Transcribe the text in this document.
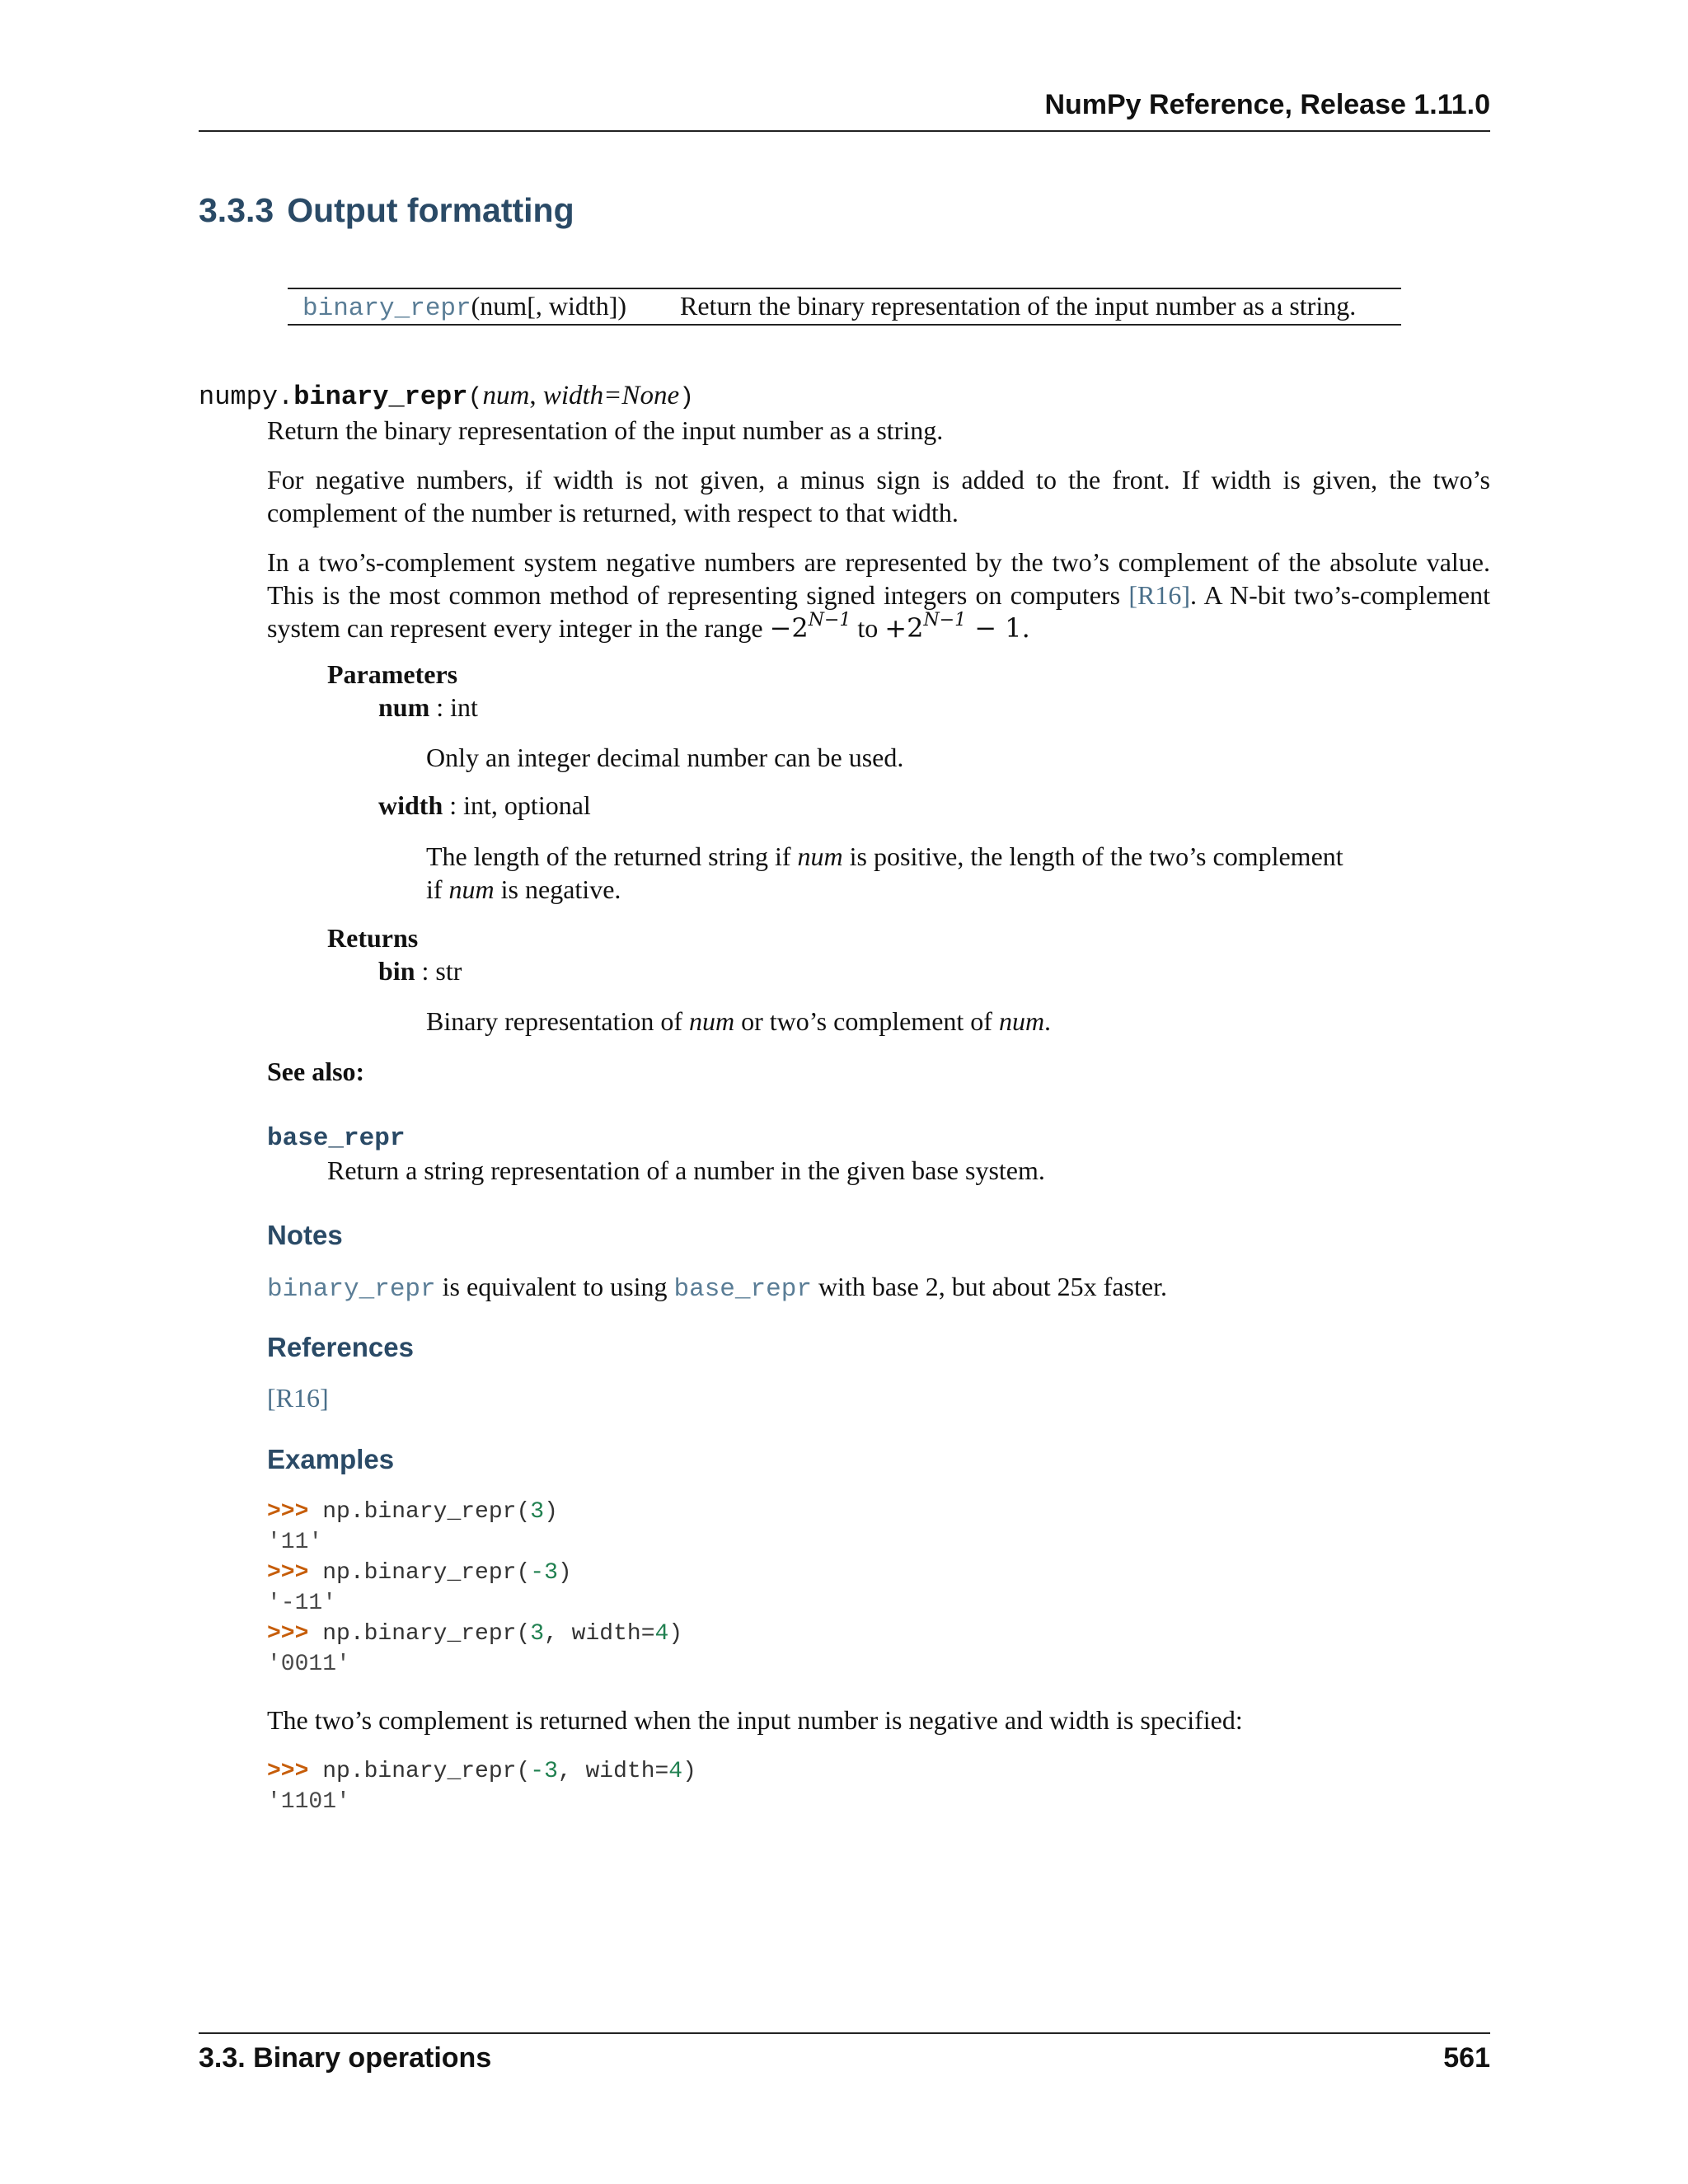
NumPy Reference, Release 1.11.0
3.3.3 Output formatting
binary_repr(num[, width]) Return the binary representation of the input number as a string.
numpy.binary_repr(num, width=None)
Return the binary representation of the input number as a string.
For negative numbers, if width is not given, a minus sign is added to the front. If width is given, the two’s complement of the number is returned, with respect to that width.
In a two’s-complement system negative numbers are represented by the two’s complement of the absolute value. This is the most common method of representing signed integers on computers [R16]. A N-bit two’s-complement system can represent every integer in the range $-2^{N-1}$ to $+2^{N-1} - 1$.
Parameters
num : int
Only an integer decimal number can be used.
width : int, optional
The length of the returned string if num is positive, the length of the two’s complement
if num is negative.
Returns
bin : str
Binary representation of num or two’s complement of num.
See also:
base_repr
Return a string representation of a number in the given base system.
Notes
binary_repr is equivalent to using base_repr with base 2, but about 25x faster.
References
[R16]
Examples
>>> np.binary_repr(3)
'11'
>>> np.binary_repr(-3)
'-11'
>>> np.binary_repr(3, width=4)
'0011'
The two’s complement is returned when the input number is negative and width is specified:
>>> np.binary_repr(-3, width=4)
'1101'
3.3. Binary operations	561
